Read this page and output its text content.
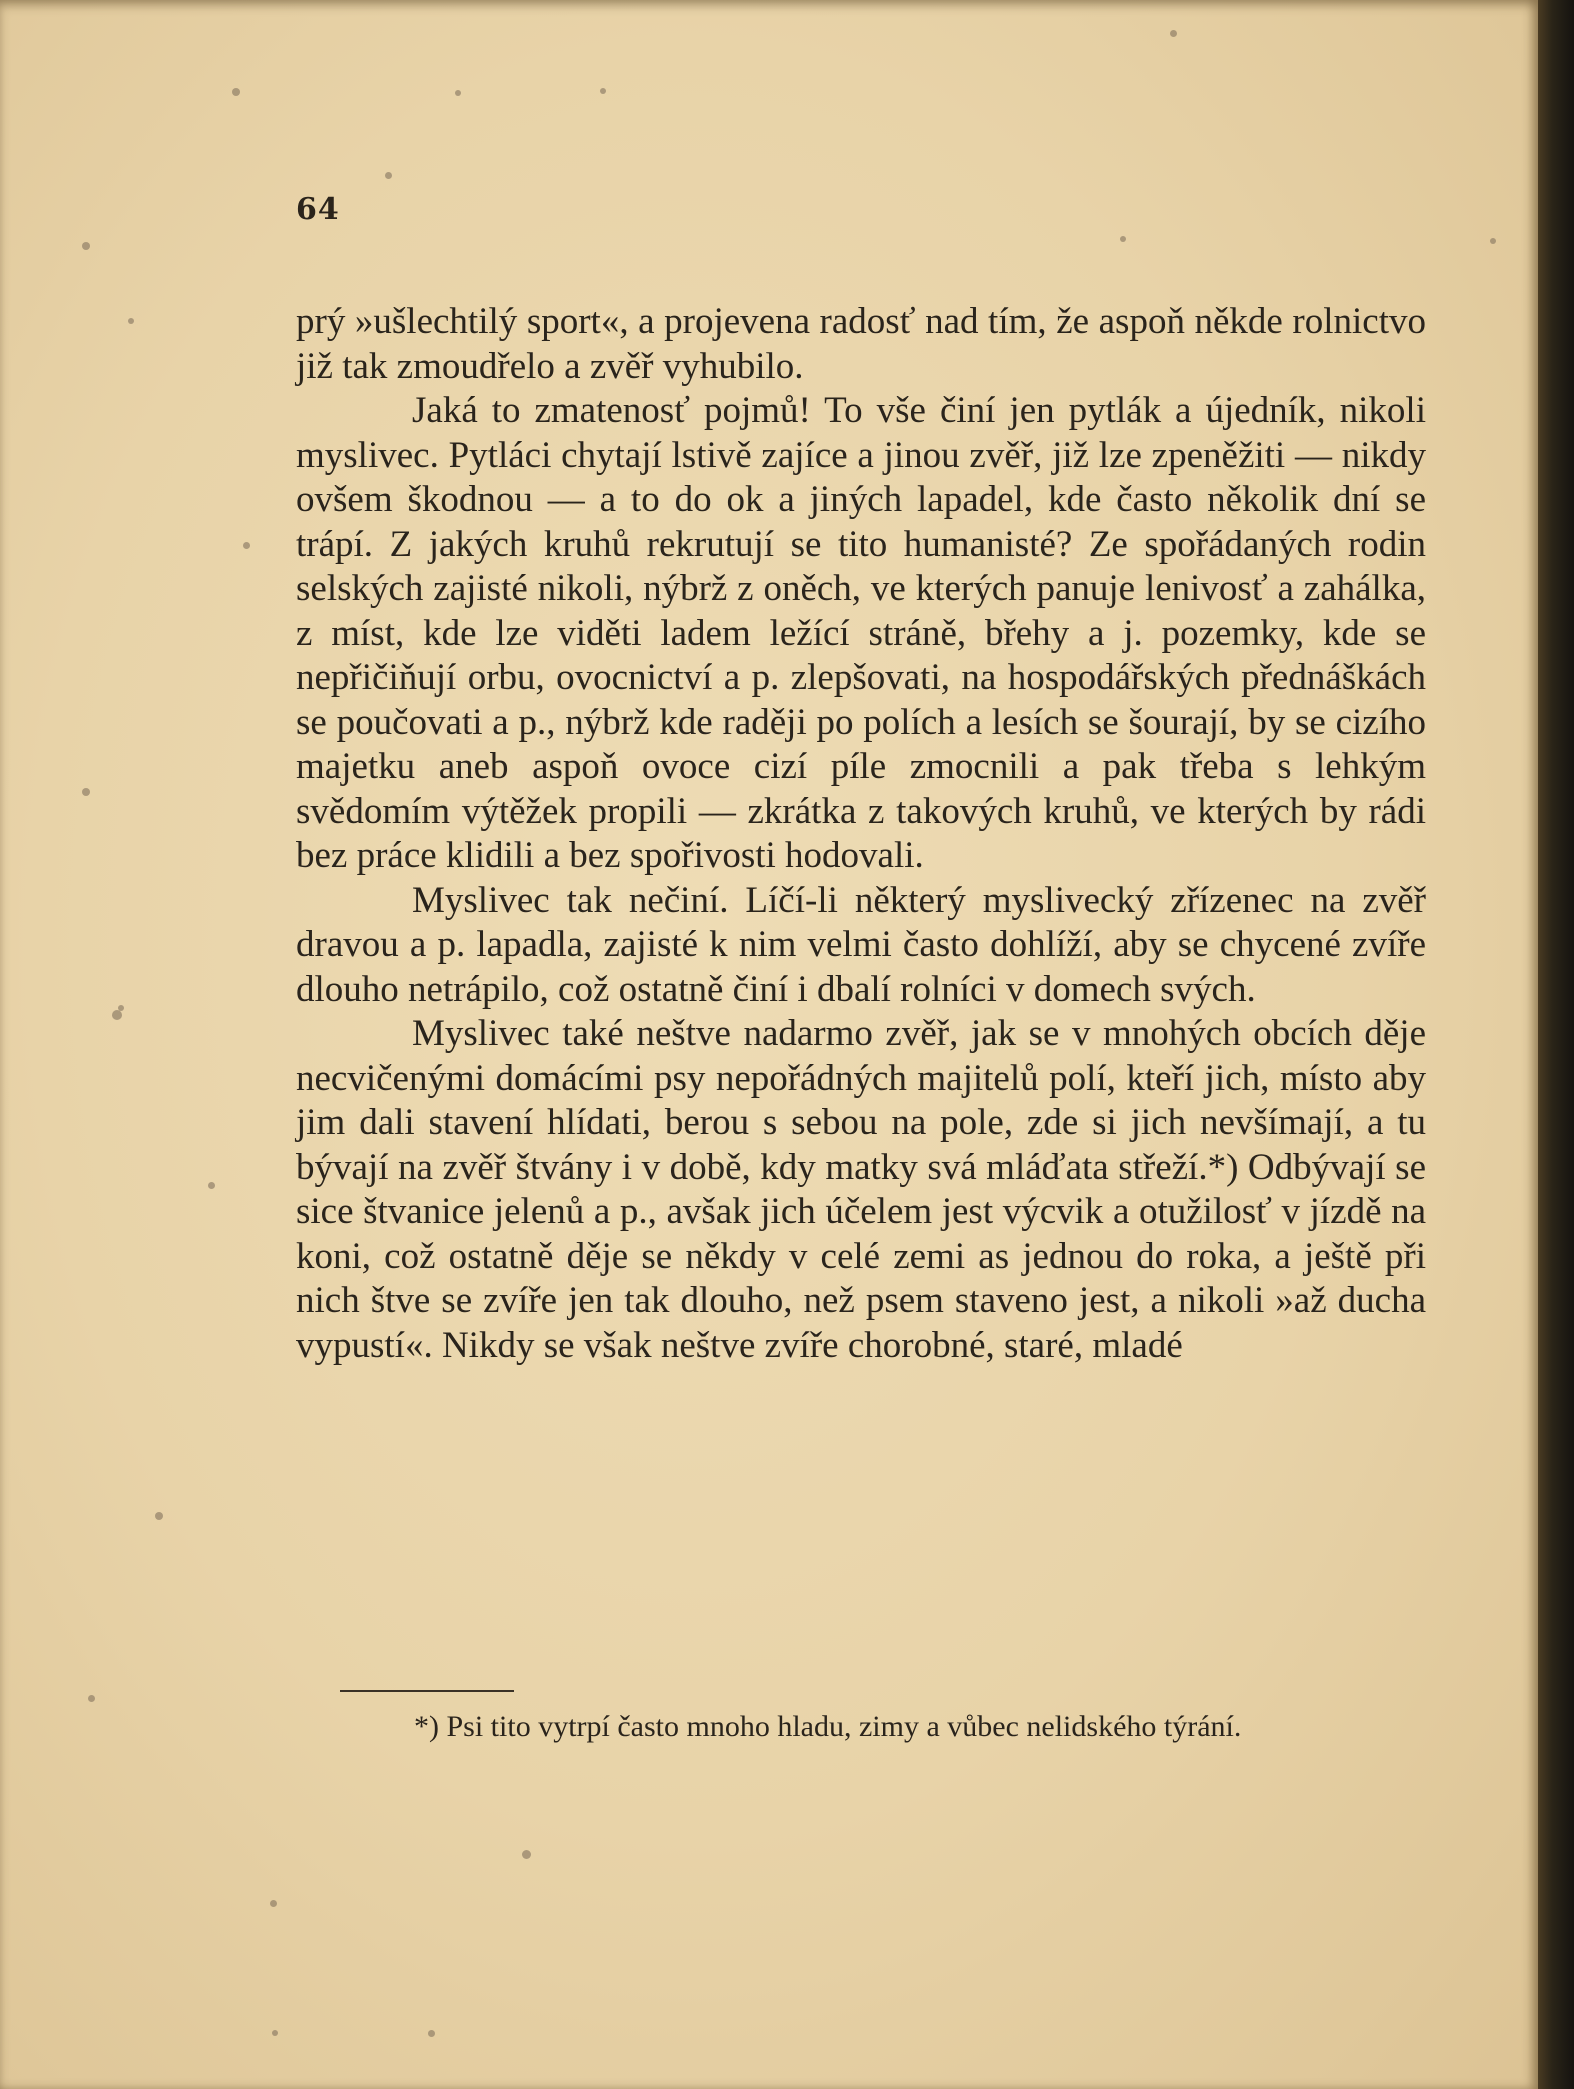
64

prý »ušlechtilý sport«, a projevena radosť nad tím, že aspoň někde rolnictvo již tak zmoudřelo a zvěř vyhubilo.

Jaká to zmatenosť pojmů! To vše činí jen pytlák a újedník, nikoli myslivec. Pytláci chytají lstivě zajíce a jinou zvěř, již lze zpeněžiti — nikdy ovšem škodnou — a to do ok a jiných lapadel, kde často několik dní se trápí. Z jakých kruhů rekrutují se tito humanisté? Ze spořádaných rodin selských zajisté nikoli, nýbrž z oněch, ve kterých panuje lenivosť a zahálka, z míst, kde lze viděti ladem ležící stráně, břehy a j. pozemky, kde se nepřičiňují orbu, ovocnictví a p. zlepšovati, na hospodářských přednáškách se poučovati a p., nýbrž kde raději po polích a lesích se šourají, by se cizího majetku aneb aspoň ovoce cizí píle zmocnili a pak třeba s lehkým svědomím výtěžek propili — zkrátka z takových kruhů, ve kterých by rádi bez práce klidili a bez spořivosti hodovali.

Myslivec tak nečiní. Líčí-li některý myslivecký zřízenec na zvěř dravou a p. lapadla, zajisté k nim velmi často dohlíží, aby se chycené zvíře dlouho netrápilo, což ostatně činí i dbalí rolníci v domech svých.

Myslivec také neštve nadarmo zvěř, jak se v mnohých obcích děje necvičenými domácími psy nepořádných majitelů polí, kteří jich, místo aby jim dali stavení hlídati, berou s sebou na pole, zde si jich nevšímají, a tu bývají na zvěř štvány i v době, kdy matky svá mláďata střeží.*) Odbývají se sice štvanice jelenů a p., avšak jich účelem jest výcvik a otužilosť v jízdě na koni, což ostatně děje se někdy v celé zemi as jednou do roka, a ještě při nich štve se zvíře jen tak dlouho, než psem staveno jest, a nikoli »až ducha vypustí«. Nikdy se však neštve zvíře chorobné, staré, mladé

*) Psi tito vytrpí často mnoho hladu, zimy a vůbec nelidského týrání.
